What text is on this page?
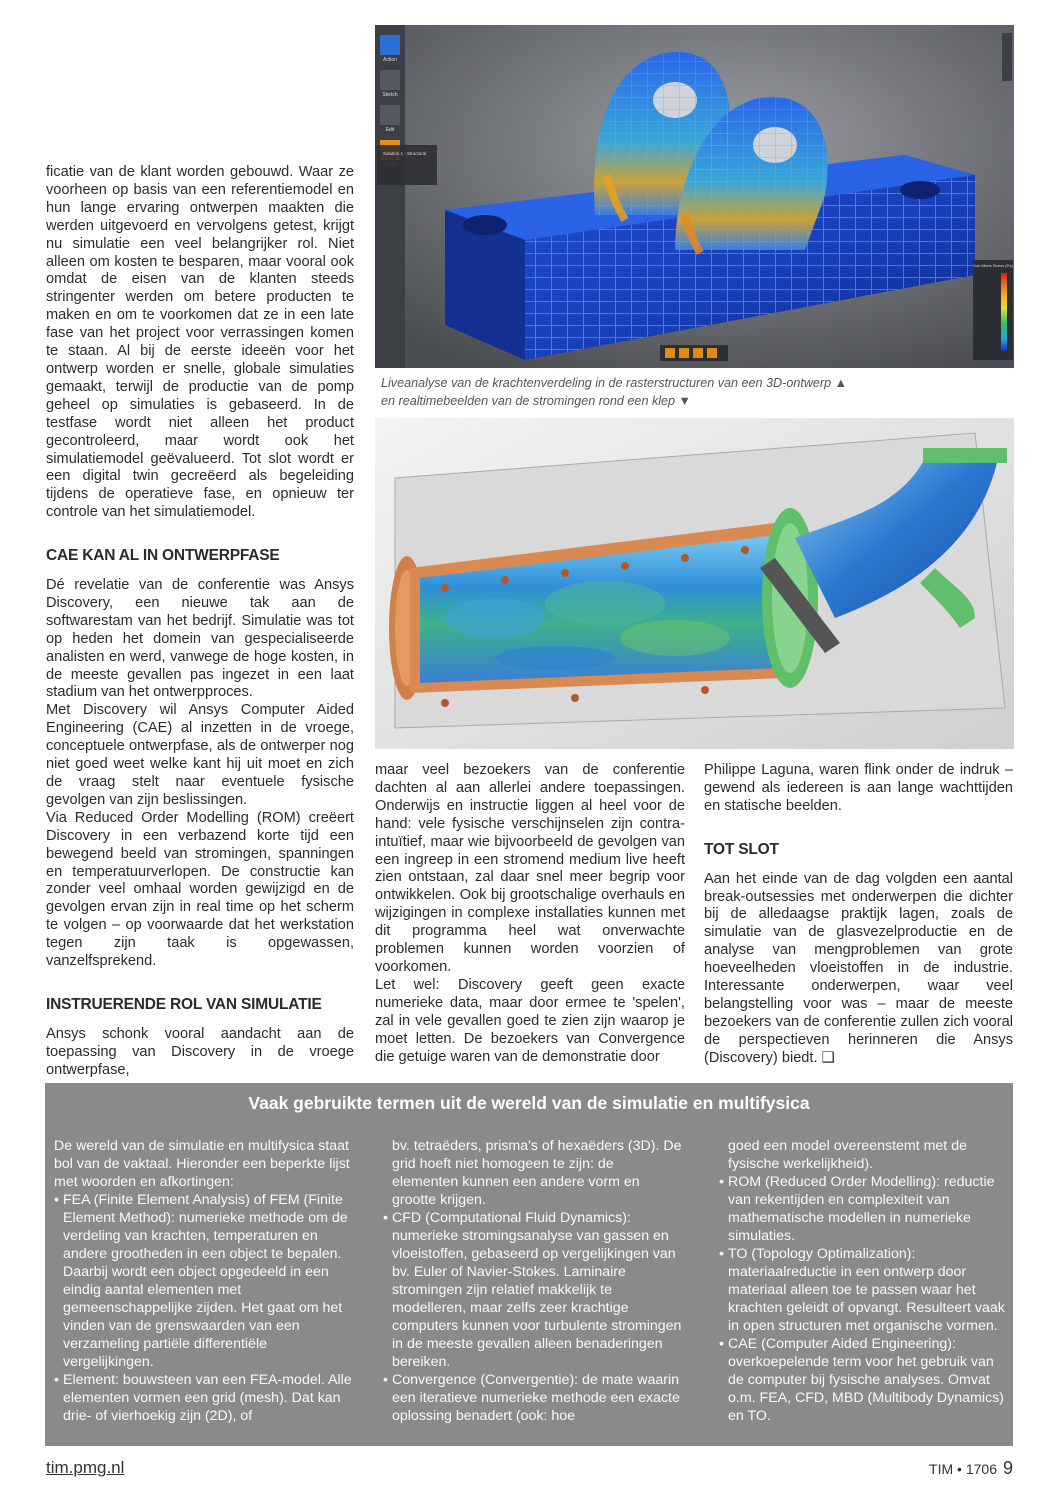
ficatie van de klant worden gebouwd. Waar ze voorheen op basis van een referentiemodel en hun lange ervaring ontwerpen maakten die werden uitgevoerd en vervolgens getest, krijgt nu simulatie een veel belangrijker rol. Niet alleen om kosten te besparen, maar vooral ook omdat de eisen van de klanten steeds stringenter werden om betere producten te maken en om te voorkomen dat ze in een late fase van het project voor verrassingen komen te staan. Al bij de eerste ideeën voor het ontwerp worden er snelle, globale simulaties gemaakt, terwijl de productie van de pomp geheel op simulaties is gebaseerd. In de testfase wordt niet alleen het product gecontroleerd, maar wordt ook het simulatiemodel geëvalueerd. Tot slot wordt er een digital twin gecreëerd als begeleiding tijdens de operatieve fase, en opnieuw ter controle van het simulatiemodel.

CAE KAN AL IN ONTWERPFASE

Dé revelatie van de conferentie was Ansys Discovery, een nieuwe tak aan de softwarestam van het bedrijf. Simulatie was tot op heden het domein van gespecialiseerde analisten en werd, vanwege de hoge kosten, in de meeste gevallen pas ingezet in een laat stadium van het ontwerpproces.

Met Discovery wil Ansys Computer Aided Engineering (CAE) al inzetten in de vroege, conceptuele ontwerpfase, als de ontwerper nog niet goed weet welke kant hij uit moet en zich de vraag stelt naar eventuele fysische gevolgen van zijn beslissingen.

Via Reduced Order Modelling (ROM) creëert Discovery in een verbazend korte tijd een bewegend beeld van stromingen, spanningen en temperatuurverlopen. De constructie kan zonder veel omhaal worden gewijzigd en de gevolgen ervan zijn in real time op het scherm te volgen – op voorwaarde dat het werkstation tegen zijn taak is opgewassen, vanzelfsprekend.

INSTRUERENDE ROL VAN SIMULATIE

Ansys schonk vooral aandacht aan de toepassing van Discovery in de vroege ontwerpfase,

Action
Sketch
Edit
Solution 1 - Structural
Von Mises Stress (Pa)
Liveanalyse van de krachtenverdeling in de rasterstructuren van een 3D-ontwerp ▲
en realtimebeelden van de stromingen rond een klep ▼

maar veel bezoekers van de conferentie dachten al aan allerlei andere toepassingen. Onderwijs en instructie liggen al heel voor de hand: vele fysische verschijnselen zijn contra-intuïtief, maar wie bijvoorbeeld de gevolgen van een ingreep in een stromend medium live heeft zien ontstaan, zal daar snel meer begrip voor ontwikkelen. Ook bij grootschalige overhauls en wijzigingen in complexe installaties kunnen met dit programma heel wat onverwachte problemen kunnen worden voorzien of voorkomen.

Let wel: Discovery geeft geen exacte numerieke data, maar door ermee te 'spelen', zal in vele gevallen goed te zien zijn waarop je moet letten. De bezoekers van Convergence die getuige waren van de demonstratie door

Philippe Laguna, waren flink onder de indruk – gewend als iedereen is aan lange wachttijden en statische beelden.

TOT SLOT

Aan het einde van de dag volgden een aantal break-outsessies met onderwerpen die dichter bij de alledaagse praktijk lagen, zoals de simulatie van de glasvezelproductie en de analyse van mengproblemen van grote hoeveelheden vloeistoffen in de industrie. Interessante onderwerpen, waar veel belangstelling voor was – maar de meeste bezoekers van de conferentie zullen zich vooral de perspectieven herinneren die Ansys (Discovery) biedt. ❑

Vaak gebruikte termen uit de wereld van de simulatie en multifysica

De wereld van de simulatie en multifysica staat bol van de vaktaal. Hieronder een beperkte lijst met woorden en afkortingen:

• FEA (Finite Element Analysis) of FEM (Finite Element Method): numerieke methode om de verdeling van krachten, temperaturen en andere grootheden in een object te bepalen. Daarbij wordt een object opgedeeld in een eindig aantal elementen met gemeenschappelijke zijden. Het gaat om het vinden van de grenswaarden van een verzameling partiële differentiële vergelijkingen.

• Element: bouwsteen van een FEA-model. Alle elementen vormen een grid (mesh). Dat kan drie- of vierhoekig zijn (2D), of

bv. tetraëders, prisma's of hexaëders (3D). De grid hoeft niet homogeen te zijn: de elementen kunnen een andere vorm en grootte krijgen.

• CFD (Computational Fluid Dynamics): numerieke stromingsanalyse van gassen en vloeistoffen, gebaseerd op vergelijkingen van bv. Euler of Navier-Stokes. Laminaire stromingen zijn relatief makkelijk te modelleren, maar zelfs zeer krachtige computers kunnen voor turbulente stromingen in de meeste gevallen alleen benaderingen bereiken.

• Convergence (Convergentie): de mate waarin een iteratieve numerieke methode een exacte oplossing benadert (ook: hoe

goed een model overeenstemt met de fysische werkelijkheid).

• ROM (Reduced Order Modelling): reductie van rekentijden en complexiteit van mathematische modellen in numerieke simulaties.

• TO (Topology Optimalization): materiaalreductie in een ontwerp door materiaal alleen toe te passen waar het krachten geleidt of opvangt. Resulteert vaak in open structuren met organische vormen.

• CAE (Computer Aided Engineering): overkoepelende term voor het gebruik van de computer bij fysische analyses. Omvat o.m. FEA, CFD, MBD (Multibody Dynamics) en TO.

tim.pmg.nl	TIM • 1706 9
